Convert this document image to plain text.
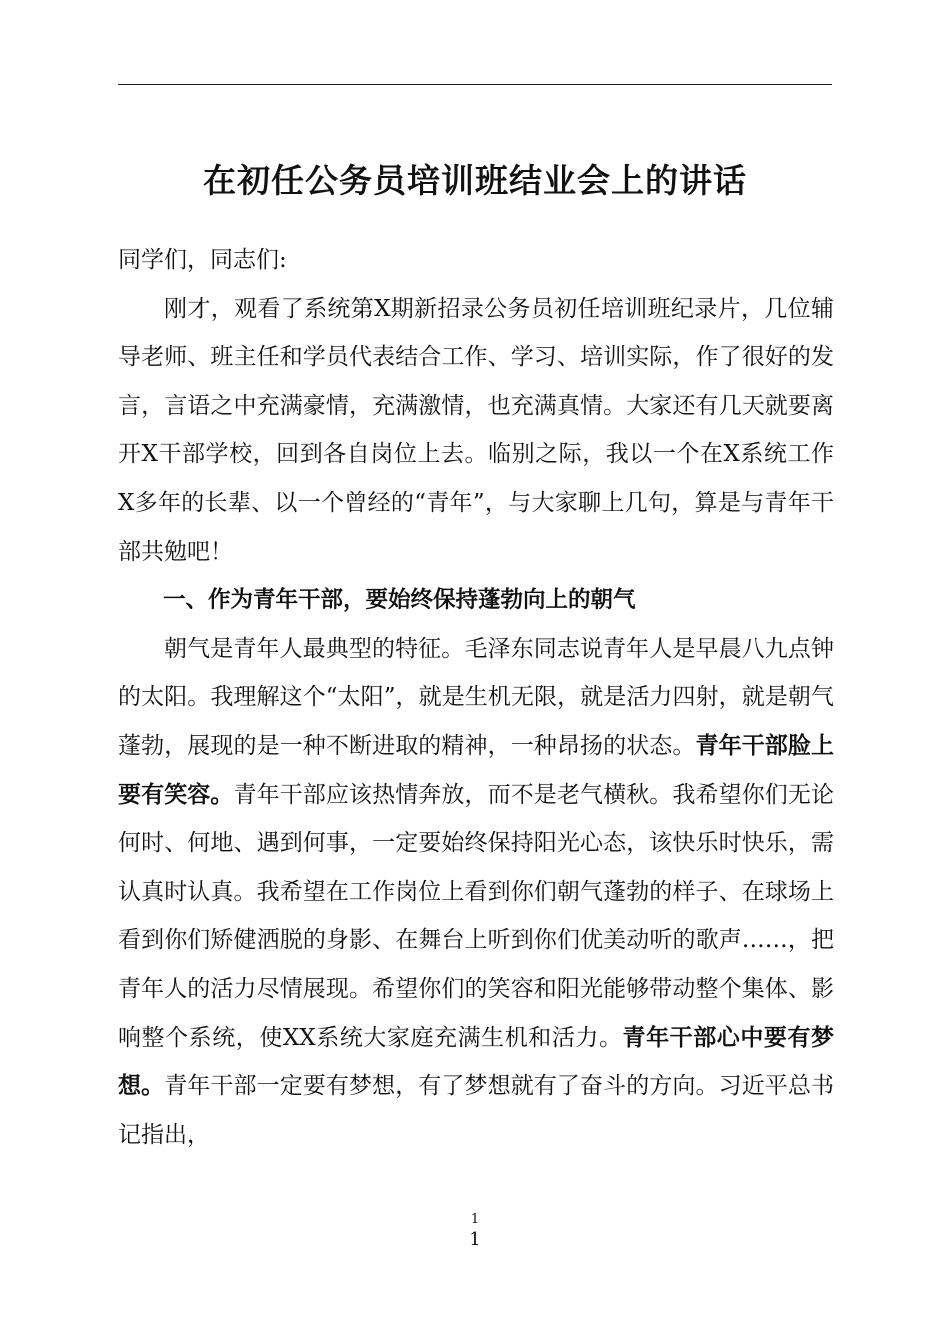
在初任公务员培训班结业会上的讲话

同学们，同志们:

刚才，观看了系统第X期新招录公务员初任培训班纪录片，几位辅导老师、班主任和学员代表结合工作、学习、培训实际，作了很好的发言，言语之中充满豪情，充满激情，也充满真情。大家还有几天就要离开X干部学校，回到各自岗位上去。临别之际，我以一个在X系统工作X多年的长辈、以一个曾经的“青年”，与大家聊上几句，算是与青年干部共勉吧！

一、作为青年干部，要始终保持蓬勃向上的朝气

朝气是青年人最典型的特征。毛泽东同志说青年人是早晨八九点钟的太阳。我理解这个“太阳”，就是生机无限，就是活力四射，就是朝气蓬勃，展现的是一种不断进取的精神，一种昂扬的状态。青年干部脸上要有笑容。青年干部应该热情奔放，而不是老气横秋。我希望你们无论何时、何地、遇到何事，一定要始终保持阳光心态，该快乐时快乐，需认真时认真。我希望在工作岗位上看到你们朝气蓬勃的样子、在球场上看到你们矫健洒脱的身影、在舞台上听到你们优美动听的歌声……，把青年人的活力尽情展现。希望你们的笑容和阳光能够带动整个集体、影响整个系统，使XX系统大家庭充满生机和活力。青年干部心中要有梦想。青年干部一定要有梦想，有了梦想就有了奋斗的方向。习近平总书记指出，

1
1
